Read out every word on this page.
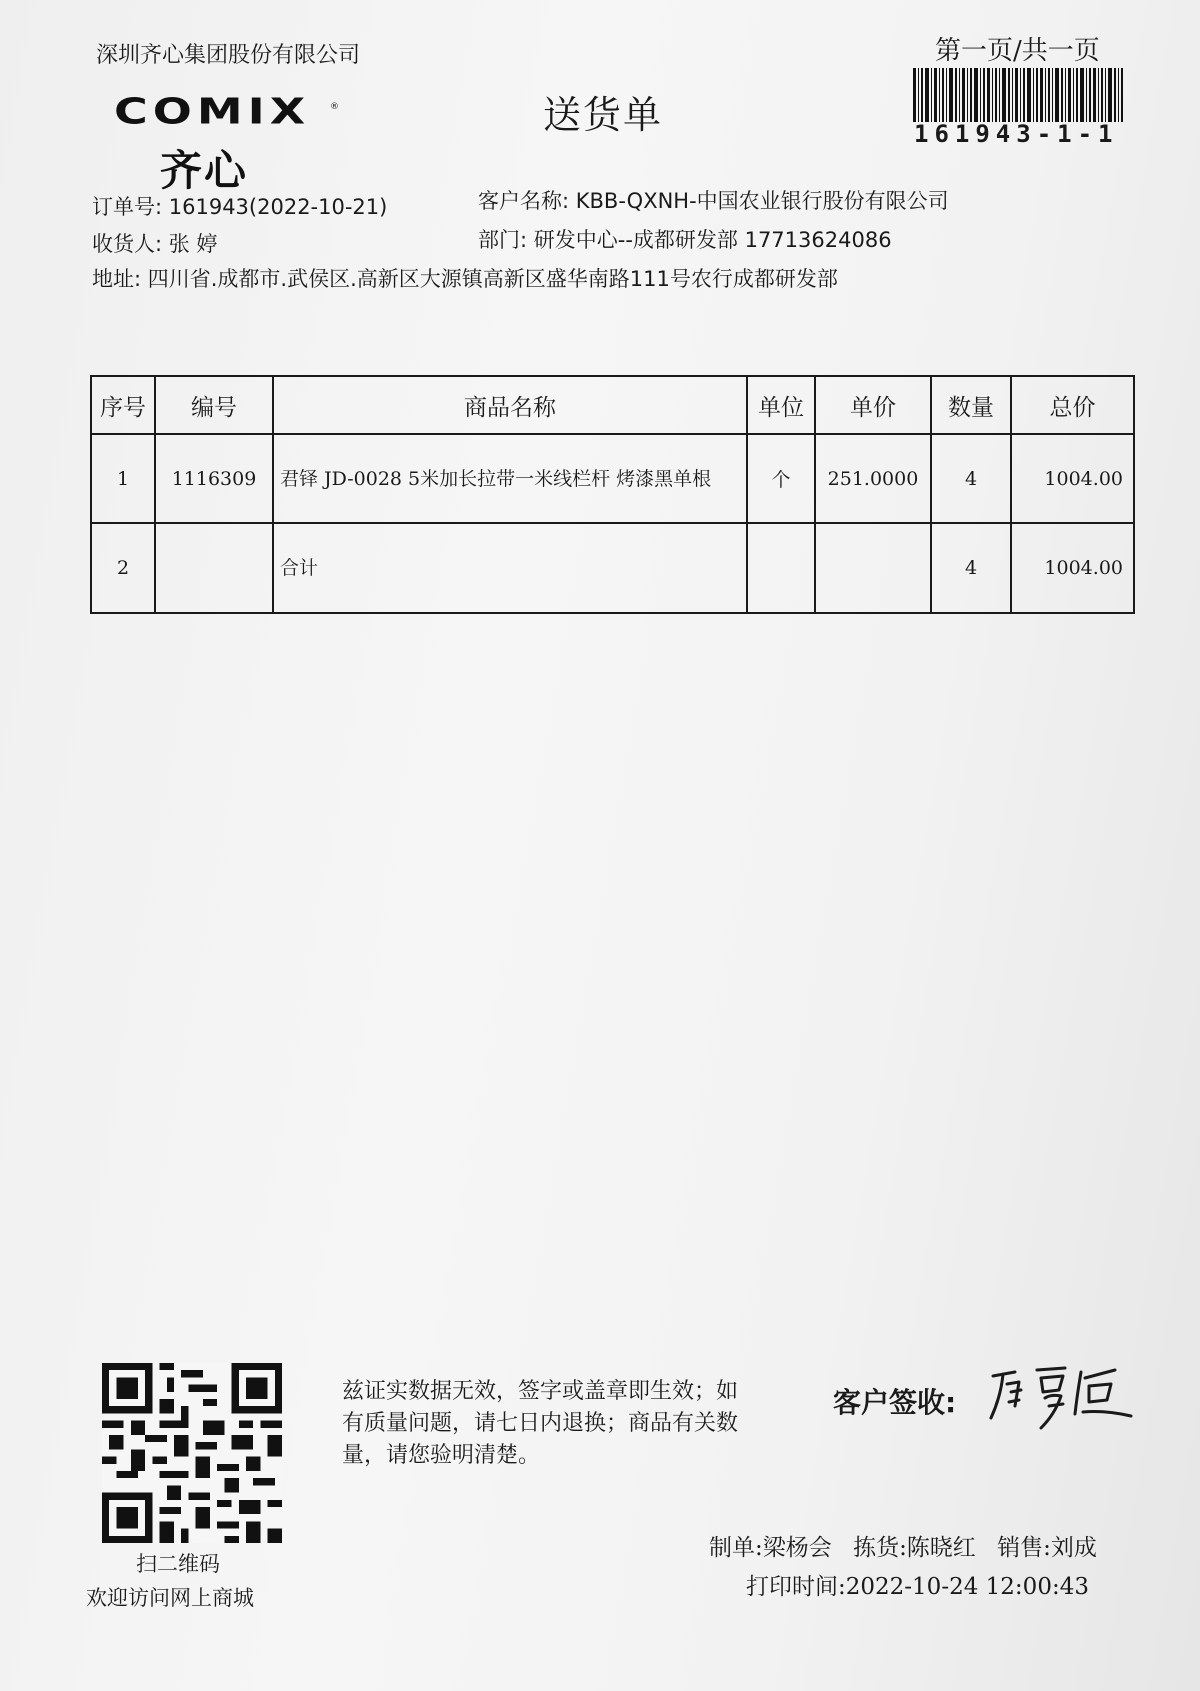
深圳齐心集团股份有限公司
COMIX ®
齐心
送货单
第一页/共一页
161943-1-1
订单号: 161943(2022-10-21)
收货人: 张 婷
地址: 四川省.成都市.武侯区.高新区大源镇高新区盛华南路111号农行成都研发部
客户名称: KBB-QXNH-中国农业银行股份有限公司
部门: 研发中心--成都研发部 17713624086
序号	编号	商品名称	单位	单价	数量	总价
1	1116309	君铎 JD-0028 5米加长拉带一米线栏杆 烤漆黑单根	个	251.0000	4	1004.00
2		合计			4	1004.00
扫二维码
欢迎访问网上商城
兹证实数据无效，签字或盖章即生效；如有质量问题，请七日内退换；商品有关数量，请您验明清楚。
客户签收:
制单:梁杨会 拣货:陈晓红 销售:刘成
打印时间:2022-10-24 12:00:43
